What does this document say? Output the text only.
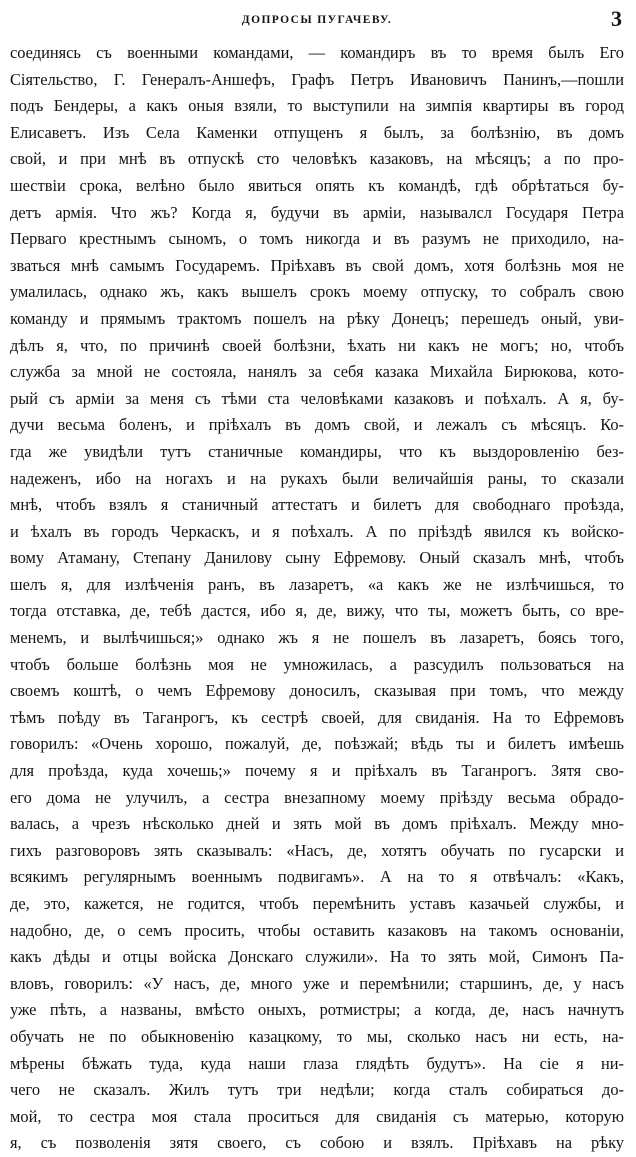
ДОПРОСЫ ПУГАЧЕВУ.	3
соединясь съ военными командами, — командиръ въ то время былъ Его
Сіятельство, Г. Генералъ-Аншефъ, Графъ Петръ Ивановичъ Панинъ,—пошли
подъ Бендеры, а какъ оныя взяли, то выступили на зимпія квартиры въ город
Елисаветъ. Изъ Села Каменки отпущенъ я былъ, за болѣзнію, въ домъ
свой, и при мнѣ въ отпускѣ сто человѣкъ казаковъ, на мѣсяцъ; а по про-
шествіи срока, велѣно было явиться опять къ командѣ, гдѣ обрѣтаться бу-
детъ армія. Что жъ? Когда я, будучи въ арміи, называлсл Государя Петра
Перваго крестнымъ сыномъ, о томъ никогда и въ разумъ не приходило, на-
зваться мнѣ самымъ Государемъ. Пріѣхавъ въ свой домъ, хотя болѣзнь моя не
умалилась, однако жъ, какъ вышелъ срокъ моему отпуску, то собралъ свою
команду и прямымъ трактомъ пошелъ на рѣку Донецъ; перешедъ оный, уви-
дѣлъ я, что, по причинѣ своей болѣзни, ѣхать ни какъ не могъ; но, чтобъ
служба за мной не состояла, нанялъ за себя казака Михайла Бирюкова, кото-
рый съ арміи за меня съ тѣми ста человѣками казаковъ и поѣхалъ. А я, бу-
дучи весьма боленъ, и пріѣхалъ въ домъ свой, и лежалъ съ мѣсяцъ. Ко-
гда же увидѣли тутъ станичные командиры, что къ выздоровленію без-
надеженъ, ибо на ногахъ и на рукахъ были величайшія раны, то сказали
мнѣ, чтобъ взялъ я станичный аттестатъ и билетъ для свободнаго проѣзда,
и ѣхалъ въ городъ Черкаскъ, и я поѣхалъ. А по пріѣздѣ явился къ войско-
вому Атаману, Степану Данилову сыну Ефремову. Оный сказалъ мнѣ, чтобъ
шелъ я, для излѣченія ранъ, въ лазаретъ, «а какъ же не излѣчишься, то
тогда отставка, де, тебѣ дастся, ибо я, де, вижу, что ты, можетъ быть, со вре-
менемъ, и вылѣчишься;» однако жъ я не пошелъ въ лазаретъ, боясь того,
чтобъ больше болѣзнь моя не умножилась, а разсудилъ пользоваться на
своемъ коштѣ, о чемъ Ефремову доносилъ, сказывая при томъ, что между
тѣмъ поѣду въ Таганрогъ, къ сестрѣ своей, для свиданія. На то Ефремовъ
говорилъ: «Очень хорошо, пожалуй, де, поѣзжай; вѣдь ты и билетъ имѣешь
для проѣзда, куда хочешь;» почему я и пріѣхалъ въ Таганрогъ. Зятя сво-
его дома не улучилъ, а сестра внезапному моему пріѣзду весьма обрадо-
валась, а чрезъ нѣсколько дней и зять мой въ домъ пріѣхалъ. Между мно-
гихъ разговоровъ зять сказывалъ: «Насъ, де, хотятъ обучать по гусарски и
всякимъ регулярнымъ военнымъ подвигамъ». А на то я отвѣчалъ: «Какъ,
де, это, кажется, не годится, чтобъ перемѣнить уставъ казачьей службы, и
надобно, де, о семъ просить, чтобы оставить казаковъ на такомъ основаніи,
какъ дѣды и отцы войска Донскаго служили». На то зять мой, Симонъ Па-
вловъ, говорилъ: «У насъ, де, много уже и перемѣнили; старшинъ, де, у насъ
уже пѣть, а названы, вмѣсто оныхъ, ротмистры; а когда, де, насъ начнутъ
обучать не по обыкновенію казацкому, то мы, сколько насъ ни есть, на-
мѣрены бѣжать туда, куда наши глаза глядѣть будутъ». На сіе я ни-
чего не сказалъ. Жилъ тутъ три недѣли; когда сталъ собираться до-
мой, то сестра моя стала проситься для свиданія съ матерью, которую
я, съ позволенія зятя своего, съ собою и взялъ. Пріѣхавъ на рѣку
